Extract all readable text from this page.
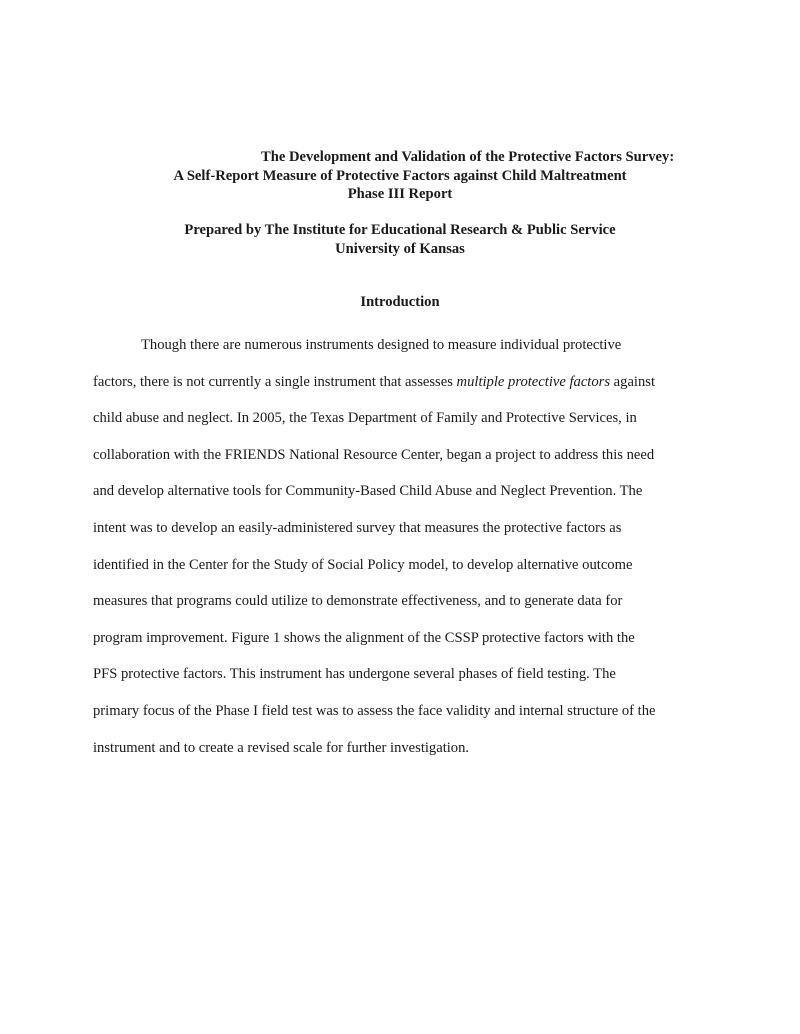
The Development and Validation of the Protective Factors Survey:
A Self-Report Measure of Protective Factors against Child Maltreatment
Phase III Report
Prepared by The Institute for Educational Research & Public Service
University of Kansas
Introduction
Though there are numerous instruments designed to measure individual protective
factors, there is not currently a single instrument that assesses multiple protective factors against
child abuse and neglect. In 2005, the Texas Department of Family and Protective Services, in
collaboration with the FRIENDS National Resource Center, began a project to address this need
and develop alternative tools for Community-Based Child Abuse and Neglect Prevention. The
intent was to develop an easily-administered survey that measures the protective factors as
identified in the Center for the Study of Social Policy model, to develop alternative outcome
measures that programs could utilize to demonstrate effectiveness, and to generate data for
program improvement. Figure 1 shows the alignment of the CSSP protective factors with the
PFS protective factors. This instrument has undergone several phases of field testing. The
primary focus of the Phase I field test was to assess the face validity and internal structure of the
instrument and to create a revised scale for further investigation.
